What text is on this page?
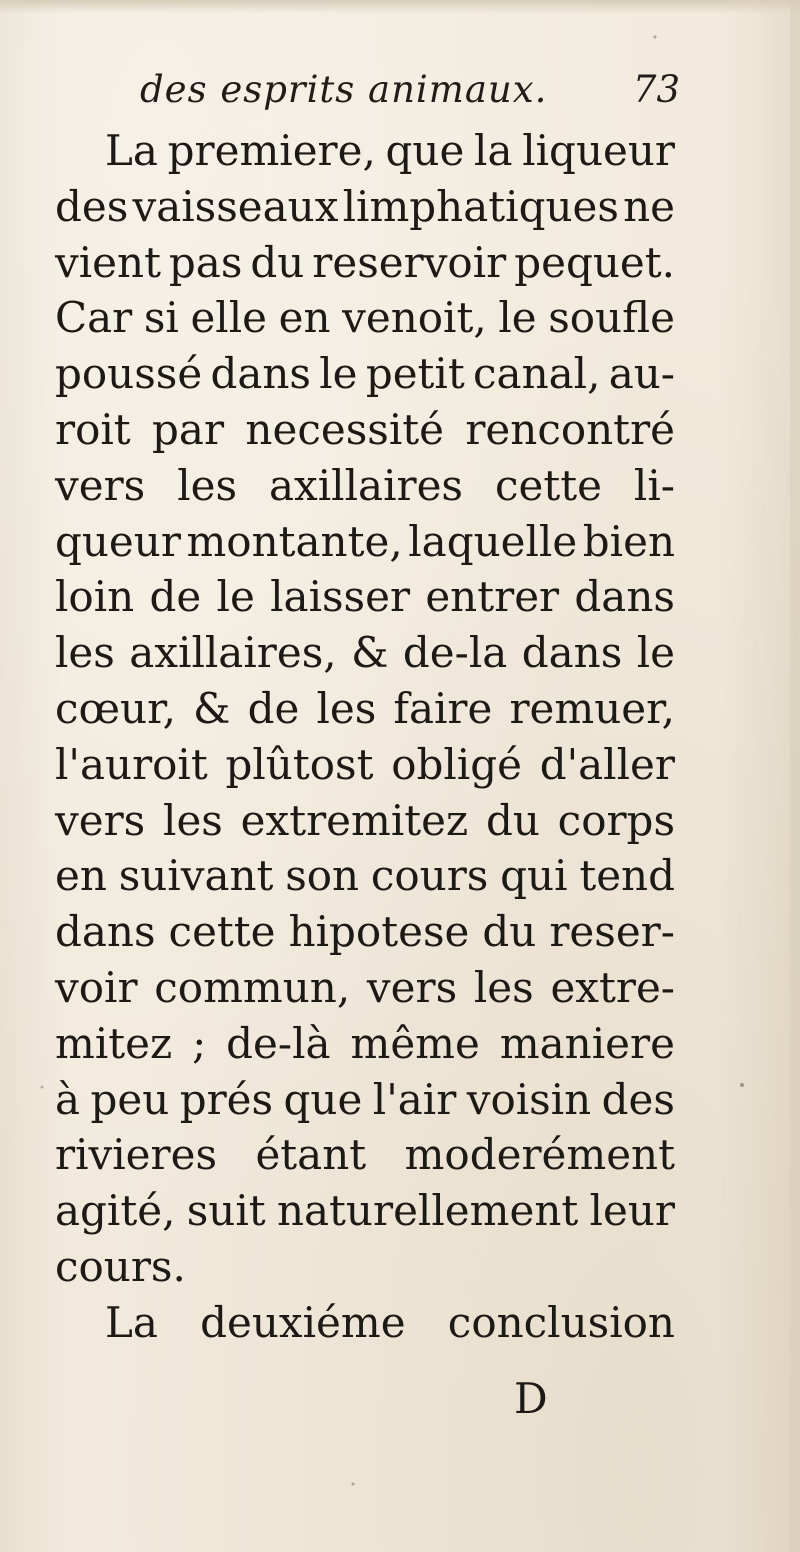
des esprits animaux. 73
La premiere, que la liqueur
des vaisseaux limphatiques ne
vient pas du reservoir pequet.
Car si elle en venoit, le soufle
poussé dans le petit canal, au-
roit par necessité rencontré
vers les axillaires cette li-
queur montante, laquelle bien
loin de le laisser entrer dans
les axillaires, & de-la dans le
cœur, & de les faire remuer,
l'auroit plûtost obligé d'aller
vers les extremitez du corps
en suivant son cours qui tend
dans cette hipotese du reser-
voir commun, vers les extre-
mitez ; de-là même maniere
à peu prés que l'air voisin des
rivieres étant moderément
agité, suit naturellement leur
cours.
La deuxiéme conclusion
D
